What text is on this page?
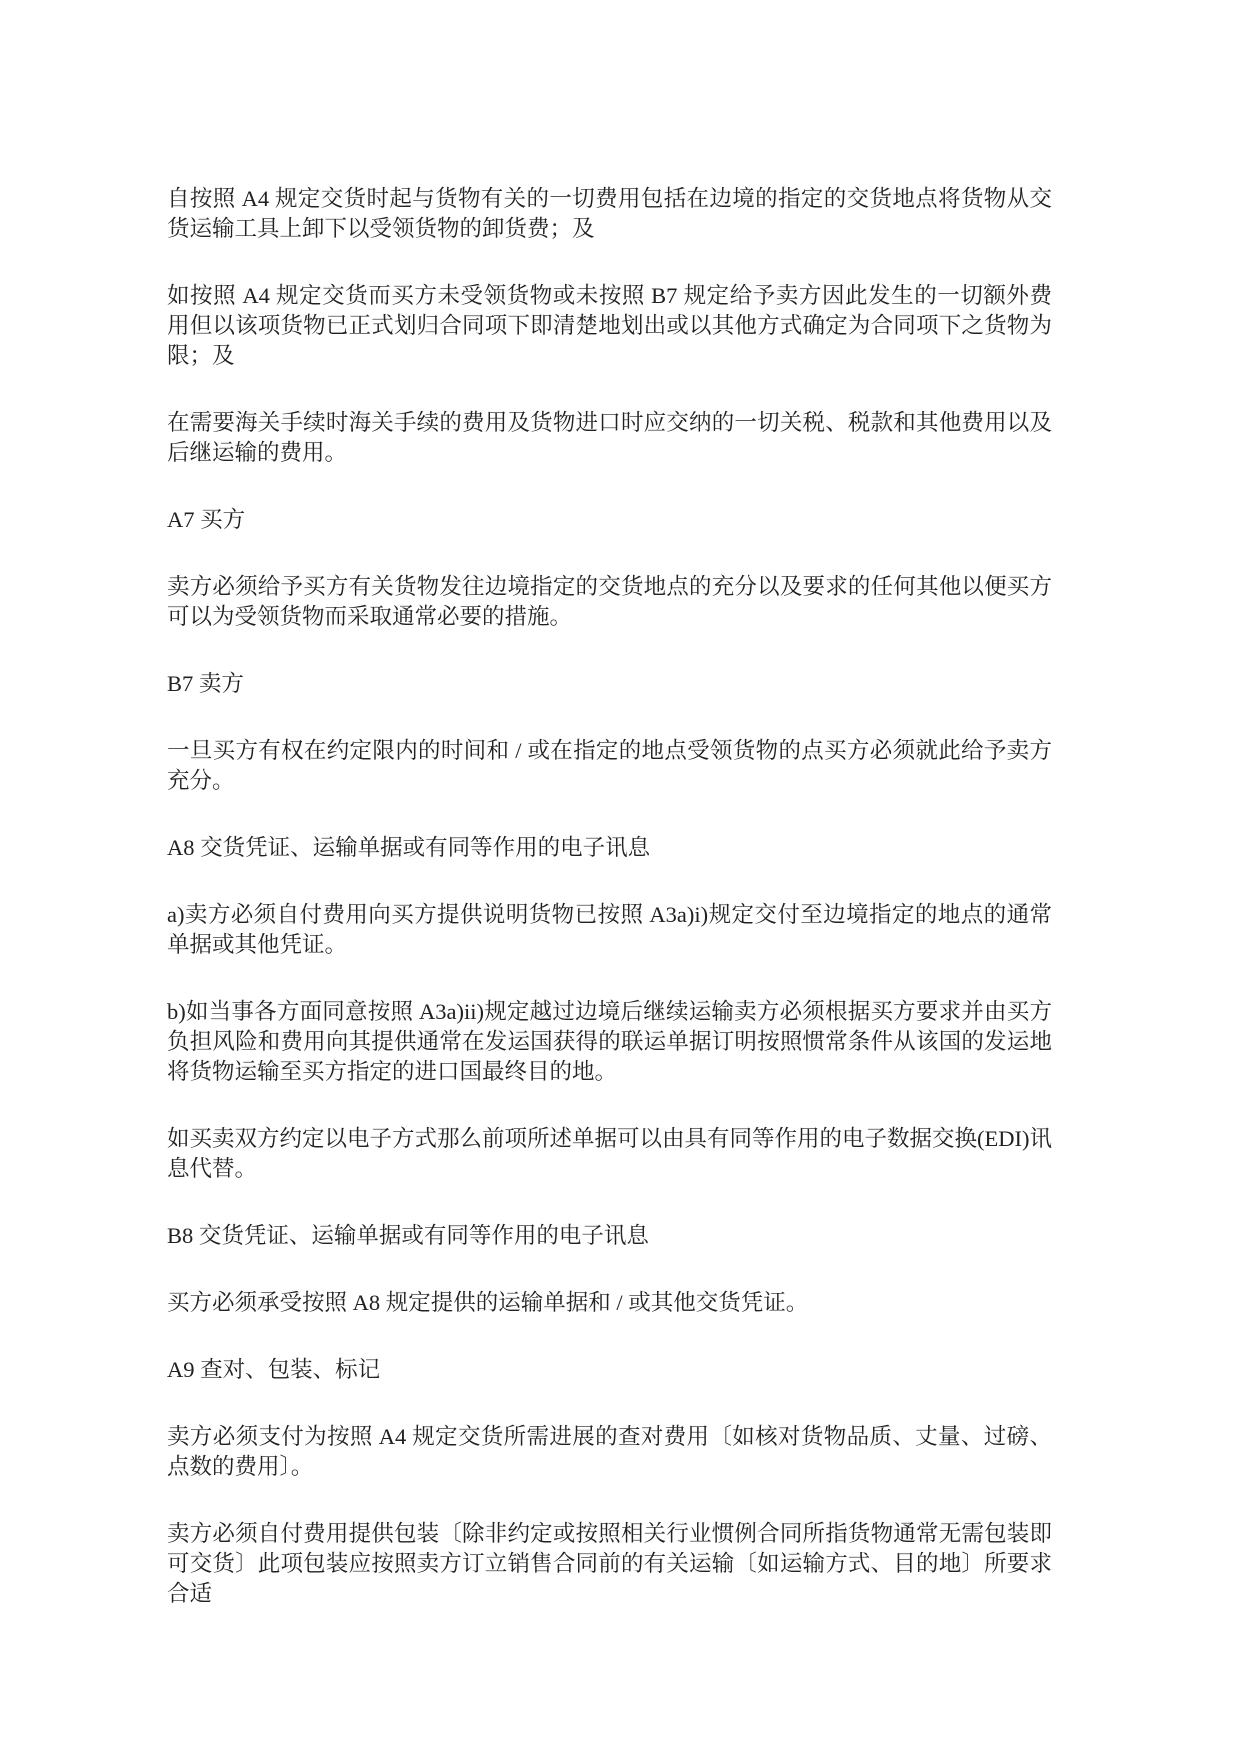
自按照 A4 规定交货时起与货物有关的一切费用包括在边境的指定的交货地点将货物从交货运输工具上卸下以受领货物的卸货费；及

如按照 A4 规定交货而买方未受领货物或未按照 B7 规定给予卖方因此发生的一切额外费用但以该项货物已正式划归合同项下即清楚地划出或以其他方式确定为合同项下之货物为限；及

在需要海关手续时海关手续的费用及货物进口时应交纳的一切关税、税款和其他费用以及后继运输的费用。

A7 买方

卖方必须给予买方有关货物发往边境指定的交货地点的充分以及要求的任何其他以便买方可以为受领货物而采取通常必要的措施。

B7 卖方

一旦买方有权在约定限内的时间和 / 或在指定的地点受领货物的点买方必须就此给予卖方充分。

A8 交货凭证、运输单据或有同等作用的电子讯息

a)卖方必须自付费用向买方提供说明货物已按照 A3a)i)规定交付至边境指定的地点的通常单据或其他凭证。

b)如当事各方面同意按照 A3a)ii)规定越过边境后继续运输卖方必须根据买方要求并由买方负担风险和费用向其提供通常在发运国获得的联运单据订明按照惯常条件从该国的发运地将货物运输至买方指定的进口国最终目的地。

如买卖双方约定以电子方式那么前项所述单据可以由具有同等作用的电子数据交换(EDI)讯息代替。

B8 交货凭证、运输单据或有同等作用的电子讯息

买方必须承受按照 A8 规定提供的运输单据和 / 或其他交货凭证。

A9 查对、包装、标记

卖方必须支付为按照 A4 规定交货所需进展的查对费用〔如核对货物品质、丈量、过磅、点数的费用〕。

卖方必须自付费用提供包装〔除非约定或按照相关行业惯例合同所指货物通常无需包装即可交货〕此项包装应按照卖方订立销售合同前的有关运输〔如运输方式、目的地〕所要求合适
